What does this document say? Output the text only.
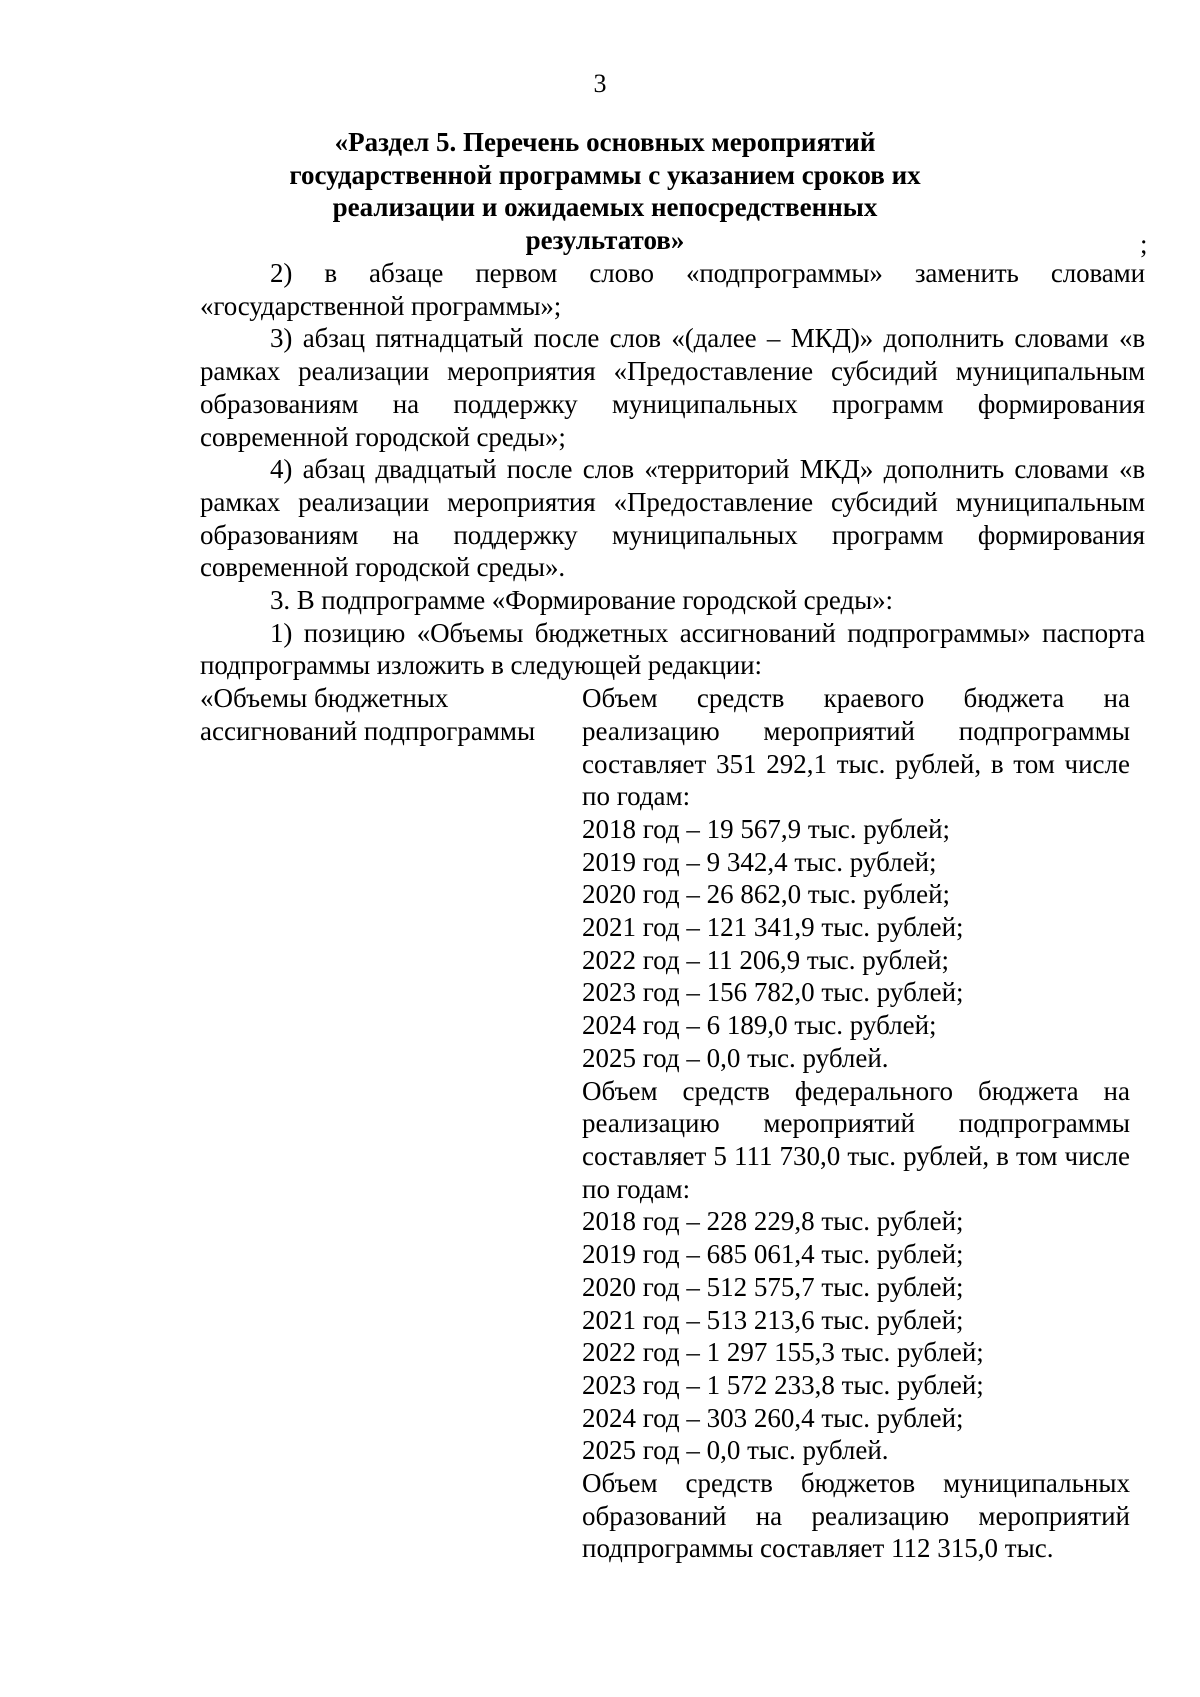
3
«Раздел 5. Перечень основных мероприятий государственной программы с указанием сроков их реализации и ожидаемых непосредственных результатов»	;

2) в абзаце первом слово «подпрограммы» заменить словами «государственной программы»;

3) абзац пятнадцатый после слов «(далее – МКД)» дополнить словами «в рамках реализации мероприятия «Предоставление субсидий муниципальным образованиям на поддержку муниципальных программ формирования современной городской среды»;

4) абзац двадцатый после слов «территорий МКД» дополнить словами «в рамках реализации мероприятия «Предоставление субсидий муниципальным образованиям на поддержку муниципальных программ формирования современной городской среды».

3. В подпрограмме «Формирование городской среды»:

1) позицию «Объемы бюджетных ассигнований подпрограммы» паспорта подпрограммы изложить в следующей редакции:

«Объемы бюджетных
ассигнований подпрограммы

Объем средств краевого бюджета на реализацию мероприятий подпрограммы составляет 351 292,1 тыс. рублей, в том числе по годам:

2018 год – 19 567,9 тыс. рублей;
2019 год – 9 342,4 тыс. рублей;
2020 год – 26 862,0 тыс. рублей;
2021 год – 121 341,9 тыс. рублей;
2022 год – 11 206,9 тыс. рублей;
2023 год – 156 782,0 тыс. рублей;
2024 год – 6 189,0 тыс. рублей;
2025 год – 0,0 тыс. рублей.

Объем средств федерального бюджета на реализацию мероприятий подпрограммы составляет 5 111 730,0 тыс. рублей, в том числе по годам:

2018 год – 228 229,8 тыс. рублей;
2019 год – 685 061,4 тыс. рублей;
2020 год – 512 575,7 тыс. рублей;
2021 год – 513 213,6 тыс. рублей;
2022 год – 1 297 155,3 тыс. рублей;
2023 год – 1 572 233,8 тыс. рублей;
2024 год – 303 260,4 тыс. рублей;
2025 год – 0,0 тыс. рублей.

Объем средств бюджетов муниципальных образований на реализацию мероприятий подпрограммы составляет 112 315,0 тыс.
